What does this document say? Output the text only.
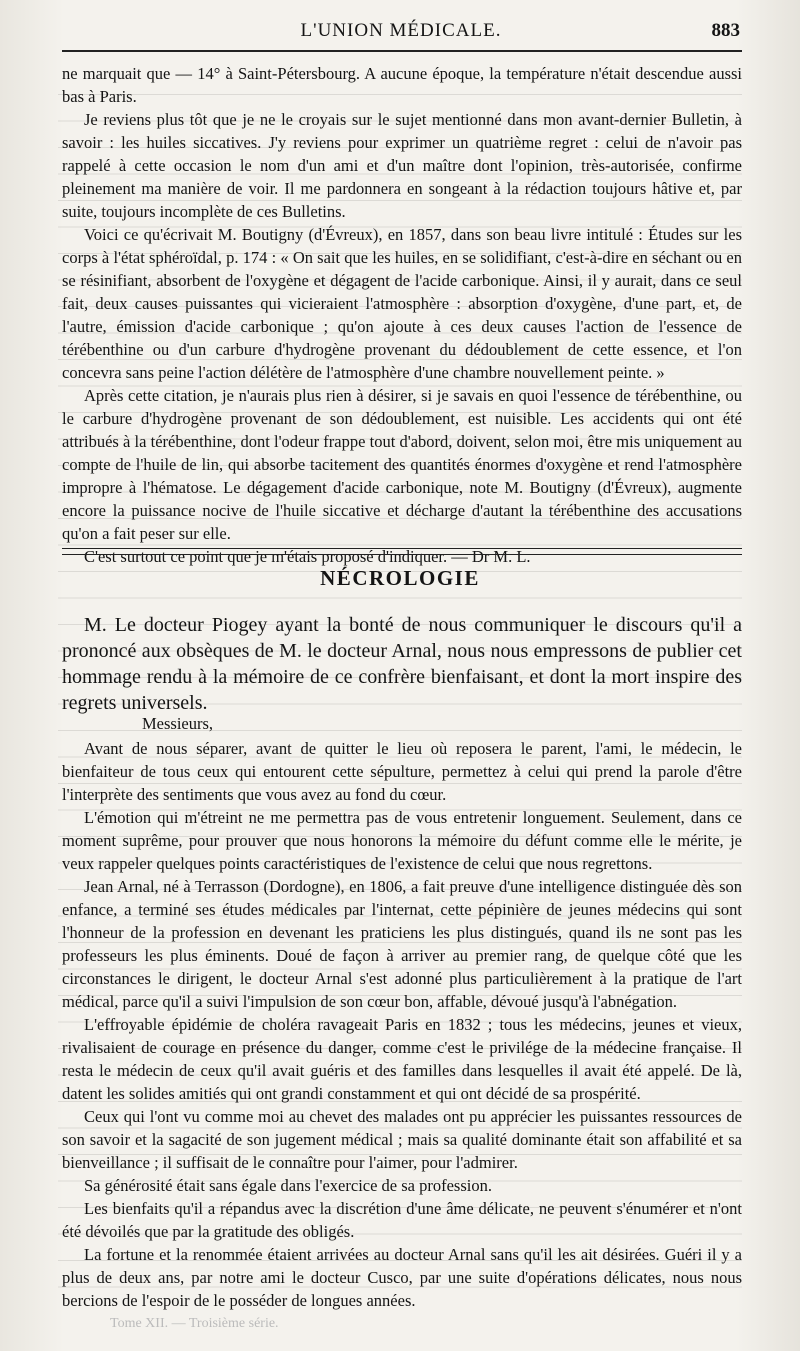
L'UNION MÉDICALE.	883

ne marquait que — 14° à Saint-Pétersbourg. A aucune époque, la température n'était descendue aussi bas à Paris.

Je reviens plus tôt que je ne le croyais sur le sujet mentionné dans mon avant-dernier Bulletin, à savoir : les huiles siccatives. J'y reviens pour exprimer un quatrième regret : celui de n'avoir pas rappelé à cette occasion le nom d'un ami et d'un maître dont l'opinion, très-autorisée, confirme pleinement ma manière de voir. Il me pardonnera en songeant à la rédaction toujours hâtive et, par suite, toujours incomplète de ces Bulletins.

Voici ce qu'écrivait M. Boutigny (d'Évreux), en 1857, dans son beau livre intitulé : Études sur les corps à l'état sphéroïdal, p. 174 : « On sait que les huiles, en se solidifiant, c'est-à-dire en séchant ou en se résinifiant, absorbent de l'oxygène et dégagent de l'acide carbonique. Ainsi, il y aurait, dans ce seul fait, deux causes puissantes qui vicieraient l'atmosphère : absorption d'oxygène, d'une part, et, de l'autre, émission d'acide carbonique ; qu'on ajoute à ces deux causes l'action de l'essence de térébenthine ou d'un carbure d'hydrogène provenant du dédoublement de cette essence, et l'on concevra sans peine l'action délétère de l'atmosphère d'une chambre nouvellement peinte. »

Après cette citation, je n'aurais plus rien à désirer, si je savais en quoi l'essence de térébenthine, ou le carbure d'hydrogène provenant de son dédoublement, est nuisible. Les accidents qui ont été attribués à la térébenthine, dont l'odeur frappe tout d'abord, doivent, selon moi, être mis uniquement au compte de l'huile de lin, qui absorbe tacitement des quantités énormes d'oxygène et rend l'atmosphère impropre à l'hématose. Le dégagement d'acide carbonique, note M. Boutigny (d'Évreux), augmente encore la puissance nocive de l'huile siccative et décharge d'autant la térébenthine des accusations qu'on a fait peser sur elle.

C'est surtout ce point que je m'étais proposé d'indiquer. — Dr M. L.

NÉCROLOGIE

M. Le docteur Piogey ayant la bonté de nous communiquer le discours qu'il a prononcé aux obsèques de M. le docteur Arnal, nous nous empressons de publier cet hommage rendu à la mémoire de ce confrère bienfaisant, et dont la mort inspire des regrets universels.

Messieurs,

Avant de nous séparer, avant de quitter le lieu où reposera le parent, l'ami, le médecin, le bienfaiteur de tous ceux qui entourent cette sépulture, permettez à celui qui prend la parole d'être l'interprète des sentiments que vous avez au fond du cœur.

L'émotion qui m'étreint ne me permettra pas de vous entretenir longuement. Seulement, dans ce moment suprême, pour prouver que nous honorons la mémoire du défunt comme elle le mérite, je veux rappeler quelques points caractéristiques de l'existence de celui que nous regrettons.

Jean Arnal, né à Terrasson (Dordogne), en 1806, a fait preuve d'une intelligence distinguée dès son enfance, a terminé ses études médicales par l'internat, cette pépinière de jeunes médecins qui sont l'honneur de la profession en devenant les praticiens les plus distingués, quand ils ne sont pas les professeurs les plus éminents. Doué de façon à arriver au premier rang, de quelque côté que les circonstances le dirigent, le docteur Arnal s'est adonné plus particulièrement à la pratique de l'art médical, parce qu'il a suivi l'impulsion de son cœur bon, affable, dévoué jusqu'à l'abnégation.

L'effroyable épidémie de choléra ravageait Paris en 1832 ; tous les médecins, jeunes et vieux, rivalisaient de courage en présence du danger, comme c'est le privilége de la médecine française. Il resta le médecin de ceux qu'il avait guéris et des familles dans lesquelles il avait été appelé. De là, datent les solides amitiés qui ont grandi constamment et qui ont décidé de sa prospérité.

Ceux qui l'ont vu comme moi au chevet des malades ont pu apprécier les puissantes ressources de son savoir et la sagacité de son jugement médical ; mais sa qualité dominante était son affabilité et sa bienveillance ; il suffisait de le connaître pour l'aimer, pour l'admirer.

Sa générosité était sans égale dans l'exercice de sa profession.

Les bienfaits qu'il a répandus avec la discrétion d'une âme délicate, ne peuvent s'énumérer et n'ont été dévoilés que par la gratitude des obligés.

La fortune et la renommée étaient arrivées au docteur Arnal sans qu'il les ait désirées. Guéri il y a plus de deux ans, par notre ami le docteur Cusco, par une suite d'opérations délicates, nous nous bercions de l'espoir de le posséder de longues années.

Tome XII. — Troisième série.
